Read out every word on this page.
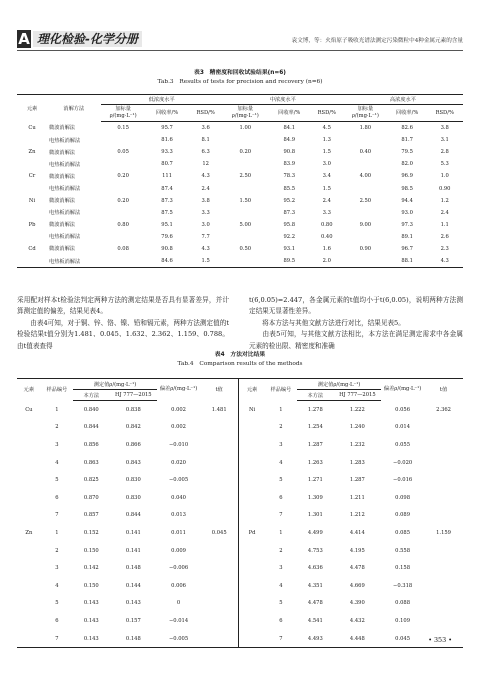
A 理化检验-化学分册	袁文博，等：火焰原子吸收光谱法测定污染微粒中4种金属元素的含量
表3　精密度和回收试验结果(n=6)
Tab.3　Results of tests for precision and recovery (n=6)
元素	消解方法	低浓度水平			中浓度水平			高浓度水平		
		加标量
ρ/(mg·L⁻¹)	回收率/%	RSD/%	加标量
ρ/(mg·L⁻¹)	回收率/%	RSD/%	加标量
ρ/(mg·L⁻¹)	回收率/%	RSD/%
Cu	微波消解法	0.15	95.7	3.6	1.00	84.1	4.5	1.80	82.6	3.8
	电热板消解法		81.6	8.1		84.9	1.3		81.7	3.1
Zn	微波消解法	0.05	93.3	6.3	0.20	90.8	1.5	0.40	79.5	2.8
	电热板消解法		80.7	12		83.9	3.0		82.0	5.3
Cr	微波消解法	0.20	111	4.3	2.50	78.3	3.4	4.00	96.9	1.0
	电热板消解法		87.4	2.4		85.5	1.5		98.5	0.90
Ni	微波消解法	0.20	87.3	3.8	1.50	95.2	2.4	2.50	94.4	1.2
	电热板消解法		87.5	3.3		87.3	3.3		93.0	2.4
Pb	微波消解法	0.80	95.1	3.0	5.00	95.8	0.80	9.00	97.3	1.1
	电热板消解法		79.6	7.7		92.2	0.40		89.1	2.6
Cd	微波消解法	0.08	90.8	4.3	0.50	93.1	1.6	0.90	96.7	2.3
	电热板消解法		84.6	1.5		89.5	2.0		88.1	4.3
采用配对样本t检验法判定两种方法的测定结果是否具有显著差异，并计算测定值的偏差，结果见表4。
　　由表4可知，对于铜、锌、铬、镍、铅和镉元素，两种方法测定值的t检验结果t值分别为1.481、0.045、1.632、2.362、1.159、0.788。由t值表查得
t(6,0.05)=2.447，各金属元素的t值均小于t(6,0.05)，说明两种方法测定结果无显著性差异。
　　将本方法与其他文献方法进行对比，结果见表5。
　　由表5可知，与其他文献方法相比，本方法在满足测定需求中各金属元素的检出限、精密度和准确
表4　方法对比结果
Tab.4　Comparison results of the methods
元素	样品编号	测定值ρ/(mg·L⁻¹)		偏差ρ/(mg·L⁻¹)	t值	元素	样品编号	测定值ρ/(mg·L⁻¹)		偏差ρ/(mg·L⁻¹)	t值
		本方法	HJ 777—2015					本方法	HJ 777—2015		
Cu	1	0.840	0.838	0.002	1.481	Ni	1	1.278	1.222	0.056	2.362
	2	0.844	0.842	0.002			2	1.254	1.240	0.014	
	3	0.856	0.866	−0.010			3	1.287	1.232	0.055	
	4	0.863	0.843	0.020			4	1.263	1.283	−0.020	
	5	0.825	0.830	−0.005			5	1.271	1.287	−0.016	
	6	0.870	0.830	0.040			6	1.309	1.211	0.098	
	7	0.857	0.844	0.013			7	1.301	1.212	0.089	
Zn	1	0.152	0.141	0.011	0.045	Pd	1	4.499	4.414	0.085	1.159
	2	0.150	0.141	0.009			2	4.753	4.195	0.558	
	3	0.142	0.148	−0.006			3	4.636	4.478	0.158	
	4	0.150	0.144	0.006			4	4.351	4.669	−0.318	
	5	0.143	0.143	0			5	4.478	4.390	0.088	
	6	0.143	0.157	−0.014			6	4.541	4.432	0.109	
	7	0.143	0.148	−0.005			7	4.493	4.448	0.045		• 353 •
